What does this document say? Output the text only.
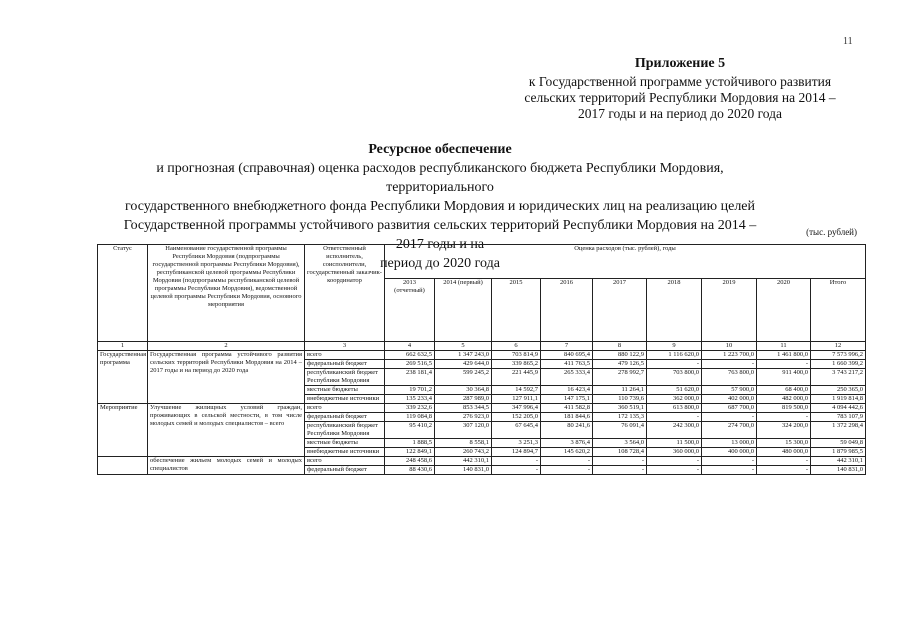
11
Приложение 5
к Государственной программе устойчивого развития
сельских территорий Республики Мордовия на 2014 –
2017 годы и на период до 2020 года
Ресурсное обеспечение
и прогнозная (справочная) оценка расходов республиканского бюджета Республики Мордовия, территориального
государственного внебюджетного фонда Республики Мордовия и юридических лиц на реализацию целей
Государственной программы устойчивого развития сельских территорий Республики Мордовия на 2014 – 2017 годы и на
период до 2020 года
(тыс. рублей)
Статус	Наименование государственной программы Республики Мордовия (подпрограммы государственной программы Республики Мордовия), республиканской целевой программы Республики Мордовия (подпрограммы республиканской целевой программы Республики Мордовия), ведомственной целевой программы Республики Мордовия, основного мероприятия	Ответственный исполнитель, соисполнители, государственный заказчик-координатор	Оценка расходов (тыс. рублей), годы								
			2013 (отчетный)	2014 (первый)	2015	2016	2017	2018	2019	2020	Итого
1	2	3	4	5	6	7	8	9	10	11	12
Государственная программа	Государственная программа устойчивого развития сельских территорий Республики Мордовия на 2014 – 2017 годы и на период до 2020 года	всего	662 632,5	1 347 243,0	703 814,9	840 695,4	880 122,9	1 116 620,0	1 223 700,0	1 461 800,0	7 573 996,2
		федеральный бюджет	269 516,5	429 644,0	339 865,2	411 763,5	479 126,5	-	-	-	1 660 399,2
		республиканский бюджет Республики Мордовия	238 181,4	599 245,2	221 445,9	265 333,4	278 992,7	703 800,0	763 800,0	911 400,0	3 743 217,2
		местные бюджеты	19 701,2	30 364,8	14 592,7	16 423,4	11 264,1	51 620,0	57 900,0	68 400,0	250 365,0
		внебюджетные источники	135 233,4	287 989,0	127 911,1	147 175,1	110 739,6	362 000,0	402 000,0	482 000,0	1 919 814,8
Мероприятие	Улучшение жилищных условий граждан, проживающих в сельской местности, в том числе молодых семей и молодых специалистов – всего	всего	339 232,6	853 344,5	347 996,4	411 582,8	360 519,1	613 800,0	687 700,0	819 500,0	4 094 442,6
		федеральный бюджет	119 084,8	276 923,0	152 205,0	181 844,6	172 135,3	-	-	-	783 107,9
		республиканский бюджет Республики Мордовия	95 410,2	307 120,0	67 645,4	80 241,6	76 091,4	242 300,0	274 700,0	324 200,0	1 372 298,4
		местные бюджеты	1 888,5	8 558,1	3 251,3	3 876,4	3 564,0	11 500,0	13 000,0	15 300,0	59 049,8
		внебюджетные источники	122 849,1	260 743,2	124 894,7	145 620,2	108 728,4	360 000,0	400 000,0	480 000,0	1 879 985,5
	обеспечение жильем молодых семей и молодых специалистов	всего	248 458,6	442 310,1	-	-	-	-	-	-	442 310,1
		федеральный бюджет	88 430,6	140 831,0	-	-	-	-	-	-	140 831,0
